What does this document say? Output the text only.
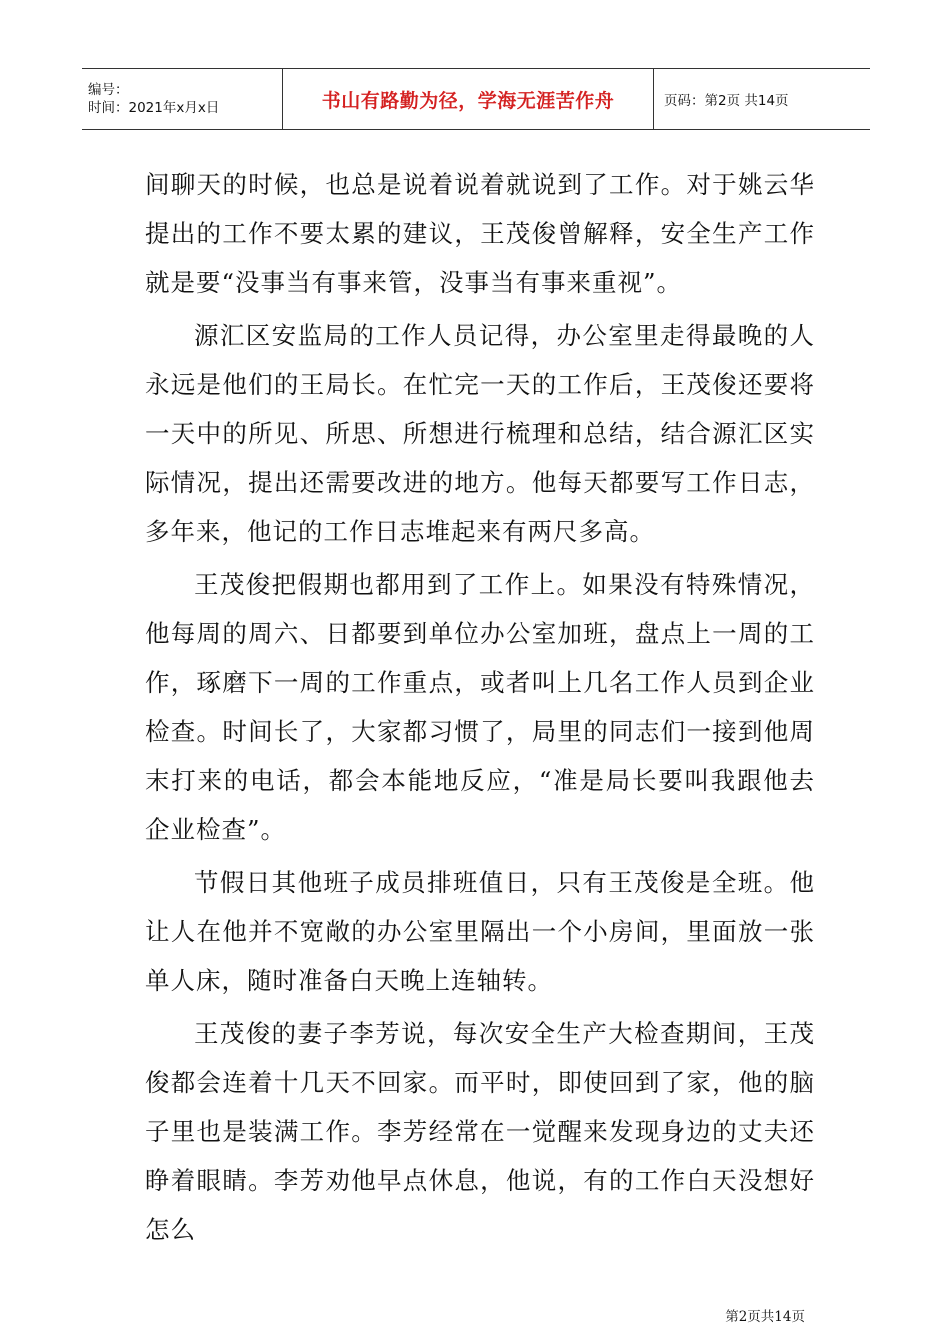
编号：
时间：2021年x月x日	书山有路勤为径，学海无涯苦作舟	页码：第2页 共14页

间聊天的时候，也总是说着说着就说到了工作。对于姚云华提出的工作不要太累的建议，王茂俊曾解释，安全生产工作就是要“没事当有事来管，没事当有事来重视”。

源汇区安监局的工作人员记得，办公室里走得最晚的人永远是他们的王局长。在忙完一天的工作后，王茂俊还要将一天中的所见、所思、所想进行梳理和总结，结合源汇区实际情况，提出还需要改进的地方。他每天都要写工作日志，多年来，他记的工作日志堆起来有两尺多高。

王茂俊把假期也都用到了工作上。如果没有特殊情况，他每周的周六、日都要到单位办公室加班，盘点上一周的工作，琢磨下一周的工作重点，或者叫上几名工作人员到企业检查。时间长了，大家都习惯了，局里的同志们一接到他周末打来的电话，都会本能地反应，“准是局长要叫我跟他去企业检查”。

节假日其他班子成员排班值日，只有王茂俊是全班。他让人在他并不宽敞的办公室里隔出一个小房间，里面放一张单人床，随时准备白天晚上连轴转。

王茂俊的妻子李芳说，每次安全生产大检查期间，王茂俊都会连着十几天不回家。而平时，即使回到了家，他的脑子里也是装满工作。李芳经常在一觉醒来发现身边的丈夫还睁着眼睛。李芳劝他早点休息，他说，有的工作白天没想好怎么

第2页共14页
